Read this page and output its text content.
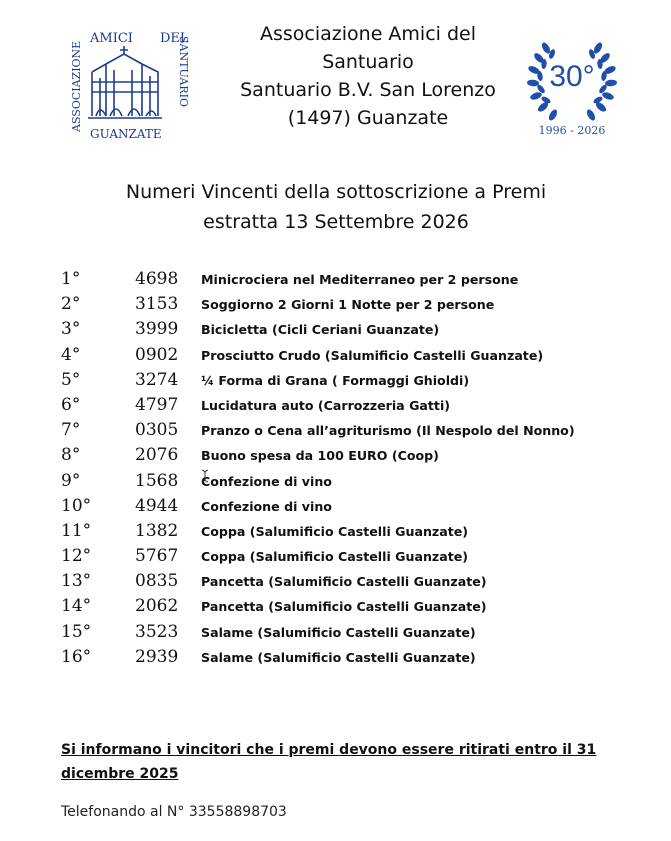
ASSOCIAZIONE
AMICI DEL
SANTUARIO
GUANZATE
Associazione Amici del
Santuario
Santuario B.V. San Lorenzo
(1497) Guanzate
30°
1996 - 2026
Numeri Vincenti della sottoscrizione a Premi
estratta 13 Settembre 2026
1°	4698 Minicrociera nel Mediterraneo per 2 persone
2°	3153 Soggiorno 2 Giorni 1 Notte per 2 persone
3°	3999 Bicicletta (Cicli Ceriani Guanzate)
4°	0902 Prosciutto Crudo (Salumificio Castelli Guanzate)
5°	3274 ¼ Forma di Grana ( Formaggi Ghioldi)
6°	4797 Lucidatura auto (Carrozzeria Gatti)
7°	0305 Pranzo o Cena all’agriturismo (Il Nespolo del Nonno)
8°	2076 Buono spesa da 100 EURO (Coop)
9°	1568 Confezione di vino
10°	4944 Confezione di vino
11°	1382 Coppa (Salumificio Castelli Guanzate)
12°	5767 Coppa (Salumificio Castelli Guanzate)
13°	0835 Pancetta (Salumificio Castelli Guanzate)
14°	2062 Pancetta (Salumificio Castelli Guanzate)
15°	3523 Salame (Salumificio Castelli Guanzate)
16°	2939 Salame (Salumificio Castelli Guanzate)
Si informano i vincitori che i premi devono essere ritirati entro il 31 dicembre 2025
Telefonando al N° 33558898703
